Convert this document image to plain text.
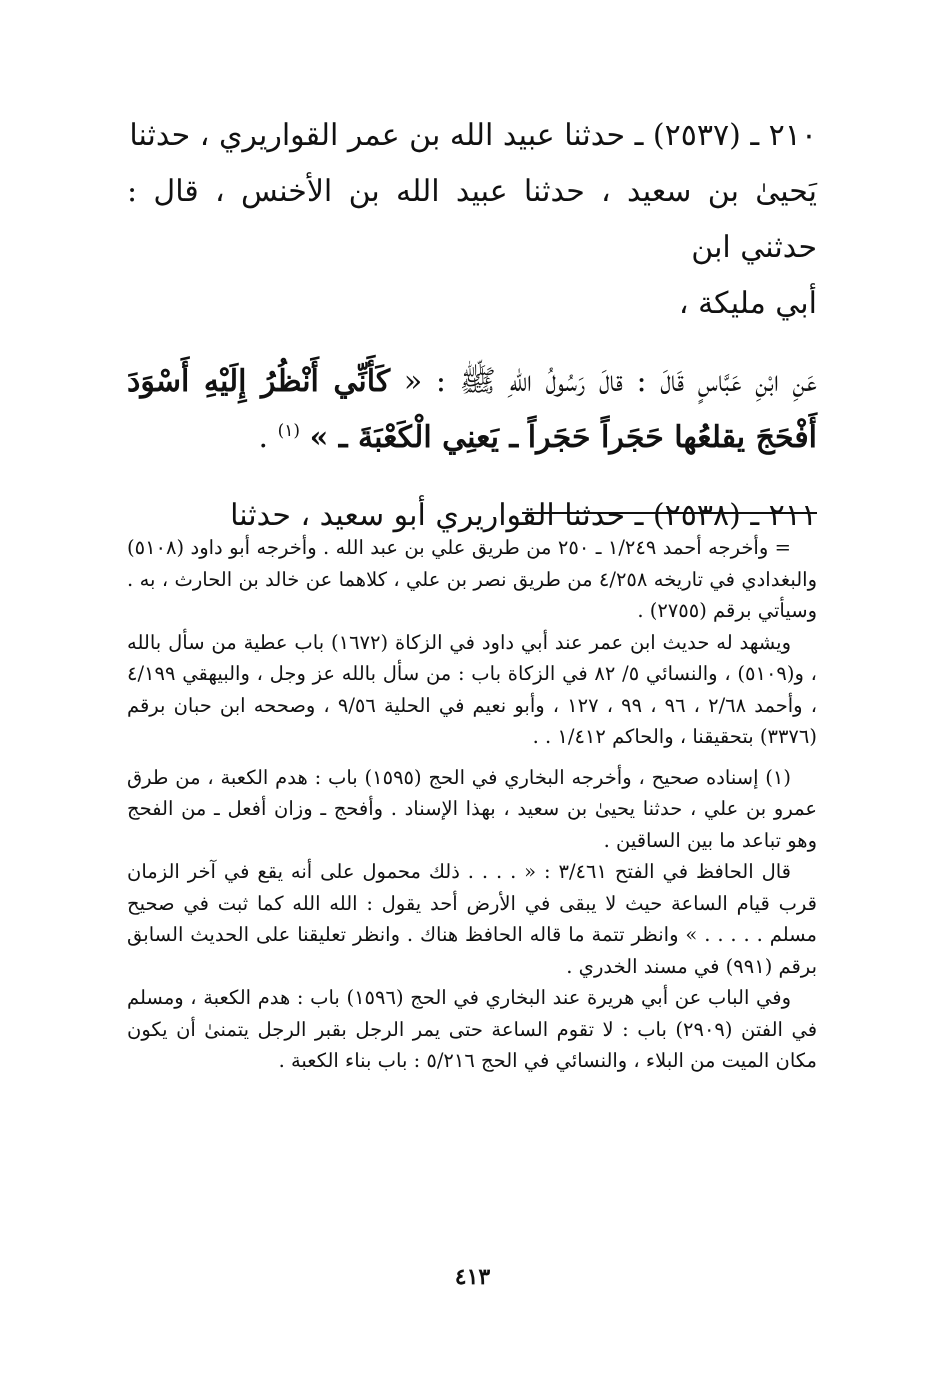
٢١٠ ـ (٢٥٣٧) ـ حدثنا عبيد الله بن عمر القواريري ، حدثنا
يَحيىٰ بن سعيد ، حدثنا عبيد الله بن الأخنس ، قال : حدثني ابن
أبي مليكة ،

عَنِ ابْنِ عَبَّاسٍ قَالَ : قالَ رَسُولُ اللهِ ﷺ : « كَأَنِّي أَنْظُرُ إِلَيْهِ أَسْوَدَ أَفْحَجَ يقلعُها حَجَراً حَجَراً ـ يَعنِي الْكَعْبَةَ ـ » $^{(١)}$ .

٢١١ ـ (٢٥٣٨) ـ حدثنا القواريري أبو سعيد ، حدثنا

= وأخرجه أحمد ١/٢٤٩ ـ ٢٥٠ من طريق علي بن عبد الله . وأخرجه أبو داود (٥١٠٨) والبغدادي في تاريخه ٤/٢٥٨ من طريق نصر بن علي ، كلاهما عن خالد بن الحارث ، به . وسيأتي برقم (٢٧٥٥) .

ويشهد له حديث ابن عمر عند أبي داود في الزكاة (١٦٧٢) باب عطية من سأل بالله ، و(٥١٠٩) ، والنسائي ٥/ ٨٢ في الزكاة باب : من سأل بالله عز وجل ، والبيهقي ٤/١٩٩ ، وأحمد ٢/٦٨ ، ٩٦ ، ٩٩ ، ١٢٧ ، وأبو نعيم في الحلية ٩/٥٦ ، وصححه ابن حبان برقم (٣٣٧٦) بتحقيقنا ، والحاكم ١/٤١٢ . .

(١) إسناده صحيح ، وأخرجه البخاري في الحج (١٥٩٥) باب : هدم الكعبة ، من طرق عمرو بن علي ، حدثنا يحيىٰ بن سعيد ، بهذا الإسناد . وأفحج ـ وزان أفعل ـ من الفحج وهو تباعد ما بين الساقين .

قال الحافظ في الفتح ٣/٤٦١ : « . . . . ذلك محمول على أنه يقع في آخر الزمان قرب قيام الساعة حيث لا يبقى في الأرض أحد يقول : الله الله كما ثبت في صحيح مسلم . . . . . » وانظر تتمة ما قاله الحافظ هناك . وانظر تعليقنا على الحديث السابق برقم (٩٩١) في مسند الخدري .

وفي الباب عن أبي هريرة عند البخاري في الحج (١٥٩٦) باب : هدم الكعبة ، ومسلم في الفتن (٢٩٠٩) باب : لا تقوم الساعة حتى يمر الرجل بقبر الرجل يتمنىٰ أن يكون مكان الميت من البلاء ، والنسائي في الحج ٥/٢١٦ : باب بناء الكعبة .

٤١٣
